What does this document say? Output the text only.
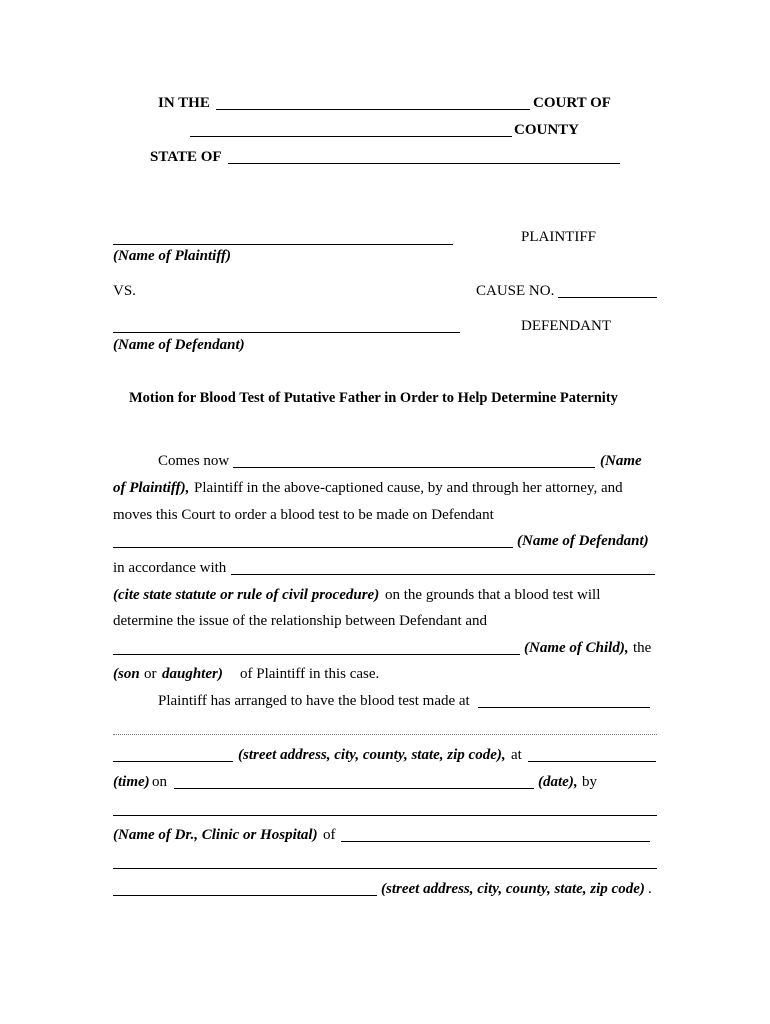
IN THE	COURT OF
COUNTY
STATE OF
PLAINTIFF
(Name of Plaintiff)
VS.	CAUSE NO.
DEFENDANT
(Name of Defendant)
Motion for Blood Test of Putative Father in Order to Help Determine Paternity
Comes now	(Name
of Plaintiff), Plaintiff in the above-captioned cause, by and through her attorney, and
moves this Court to order a blood test to be made on Defendant
(Name of Defendant)
in accordance with
(cite state statute or rule of civil procedure) on the grounds that a blood test will
determine the issue of the relationship between Defendant and
(Name of Child), the
(son or daughter) of Plaintiff in this case.
Plaintiff has arranged to have the blood test made at
(street address, city, county, state, zip code), at
(time) on	(date), by
(Name of Dr., Clinic or Hospital) of
(street address, city, county, state, zip code) .
